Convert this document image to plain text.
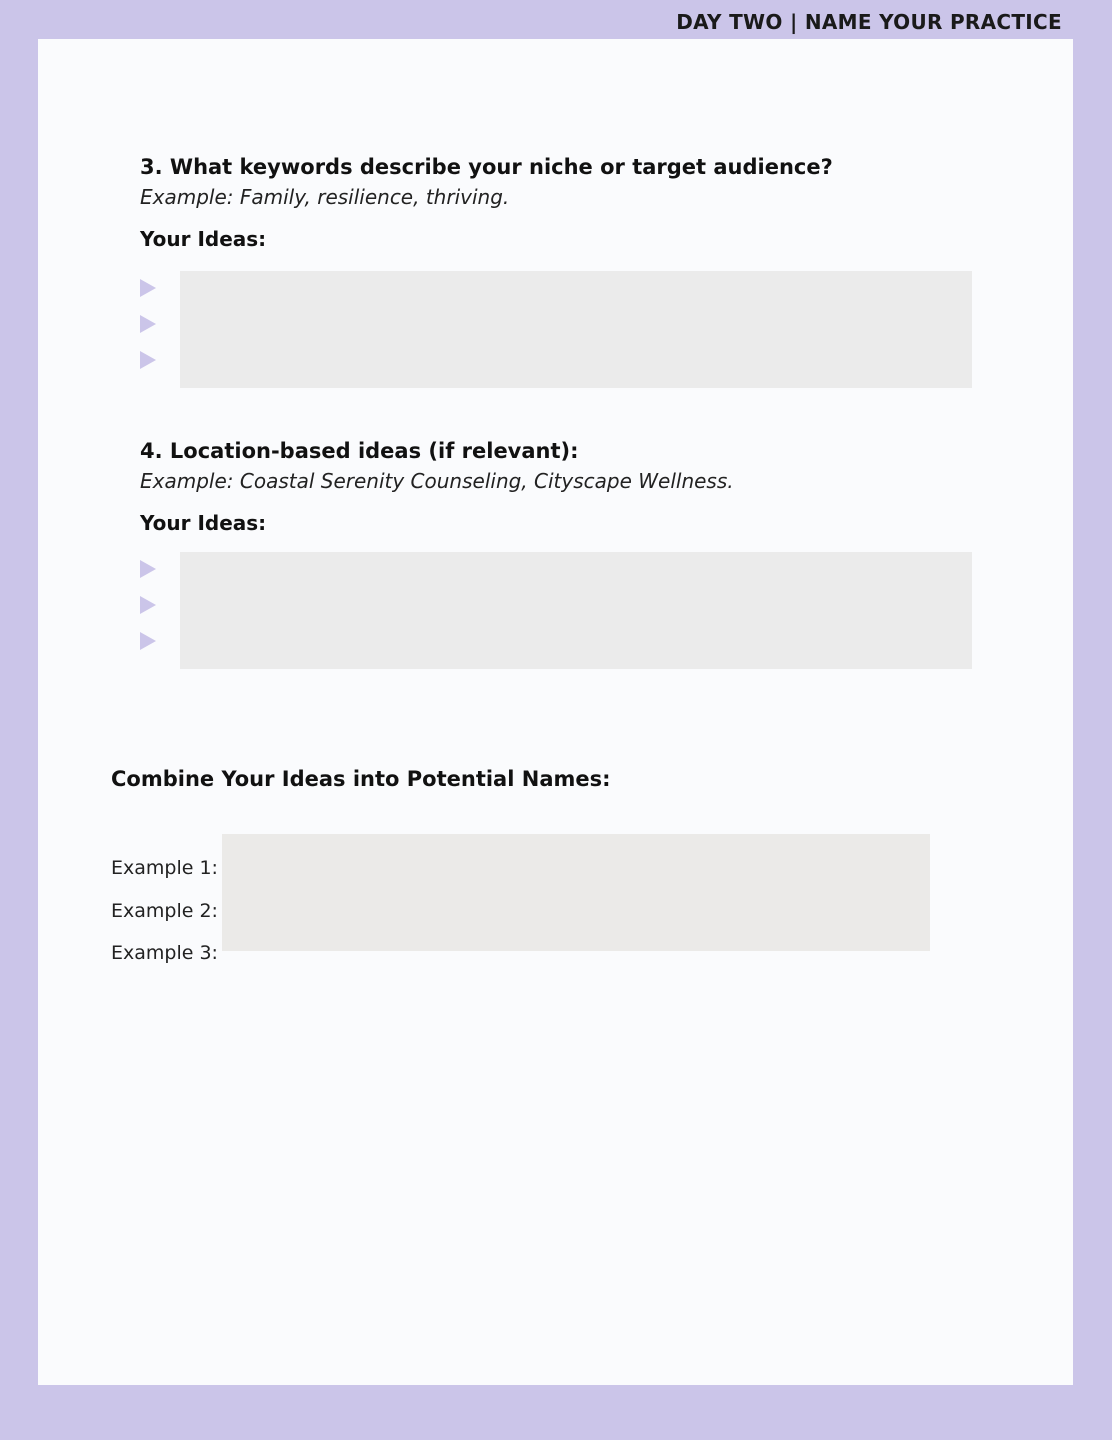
DAY TWO | NAME YOUR PRACTICE

3. What keywords describe your niche or target audience?

Example: Family, resilience, thriving.
Your Ideas:

4. Location-based ideas (if relevant):

Example: Coastal Serenity Counseling, Cityscape Wellness.
Your Ideas:
Combine Your Ideas into Potential Names:
Example 1:
Example 2:
Example 3:
